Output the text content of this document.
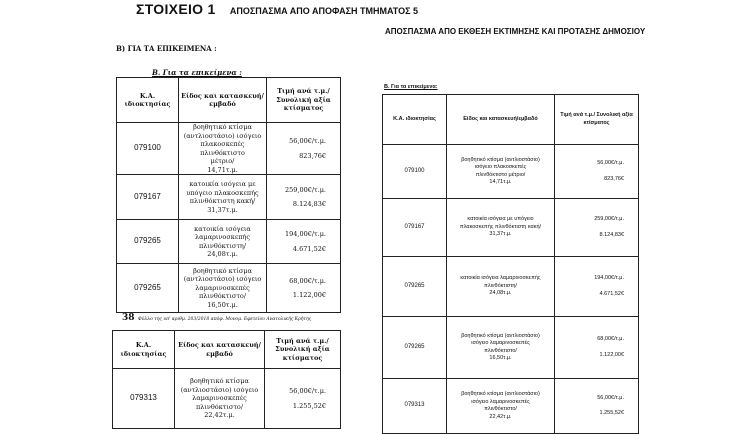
ΣΤΟΙΧΕΙΟ 1 ΑΠΟΣΠΑΣΜΑ ΑΠΟ ΑΠΟΦΑΣΗ ΤΜΗΜΑΤΟΣ 5
ΑΠΟΣΠΑΣΜΑ ΑΠΟ ΕΚΘΕΣΗ ΕΚΤΙΜΗΣΗΣ ΚΑΙ ΠΡΟΤΑΣΗΣ ΔΗΜΟΣΙΟΥ
Β) ΓΙΑ ΤΑ ΕΠΙΚΕΙΜΕΝΑ :
Β. Για τα επικείμενα :
Κ.Α. ιδιοκτησίας	Είδος και κατασκευή/εμβαδό	Τιμή ανά τ.μ./ Συνολική αξία κτίσματος
079100	βοηθητικό κτίσμα
(αντλιοστάσιο) ισόγειο
πλακοσκεπές πλινθόκτιστο
μέτριο/
14,71τ.μ.	56,00€/τ.μ.
823,76€

079167	κατοικία ισόγεια με
υπόγειο πλακοσκεπής
πλινθόκτιστη κακή/
31,37τ.μ.	259,00€/τ.μ.
8.124,83€

079265	κατοικία ισόγεια
λαμαρινοσκεπής
πλινθόκτιστη/
24,08τ.μ.	194,00€/τ.μ.
4.671,52€

079265	βοηθητικό κτίσμα
(αντλιοστάσιο) ισόγειο
λαμαρινοσκεπές
πλινθόκτιστο/
16,50τ.μ.	68,00€/τ.μ.
1.122,00€
38 Φύλλο της υπ' αριθμ. 203/2018 απόφ. Μονομ. Εφετείου Ανατολικής Κρήτης
Κ.Α. ιδιοκτησίας	Είδος και κατασκευή/εμβαδό	Τιμή ανά τ.μ./ Συνολική αξία κτίσματος
079313	βοηθητικό κτίσμα
(αντλιοστάσιο) ισόγειο
λαμαρινοσκεπές
πλινθόκτιστο/
22,42τ.μ.	56,00€/τ.μ.
1.255,52€
Β. Για τα επικείμενα:
Κ.Α. ιδιοκτησίας	Είδος και κατασκευή/εμβαδό	Τιμή ανά τ.μ./ Συνολική αξία κτίσματος
079100	βοηθητικό κτίσμα (αντλιοστάσιο)
ισόγειο πλακοσκεπές
πλινθόκτιστο μέτριο/
14,71τ.μ.	56,00€/τ.μ.
823,76€

079167	κατοικία ισόγεια με υπόγειο
πλακοσκεπής πλινθόκτιστη κακή/
31,37τ.μ.	259,00€/τ.μ.
8.124,83€

079265	κατοικία ισόγεια λαμαρινοσκεπής
πλινθόκτιστη/
24,08τ.μ.	194,00€/τ.μ.
4.671,52€

079265	βοηθητικό κτίσμα (αντλιοστάσιο)
ισόγειο λαμαρινοσκεπές
πλινθόκτιστο/
16,50τ.μ.	68,00€/τ.μ.
1.122,00€

079313	βοηθητικό κτίσμα (αντλιοστάσιο)
ισόγειο λαμαρινοσκεπές
πλινθόκτιστο/
22,42τ.μ.	56,00€/τ.μ.
1.255,52€
